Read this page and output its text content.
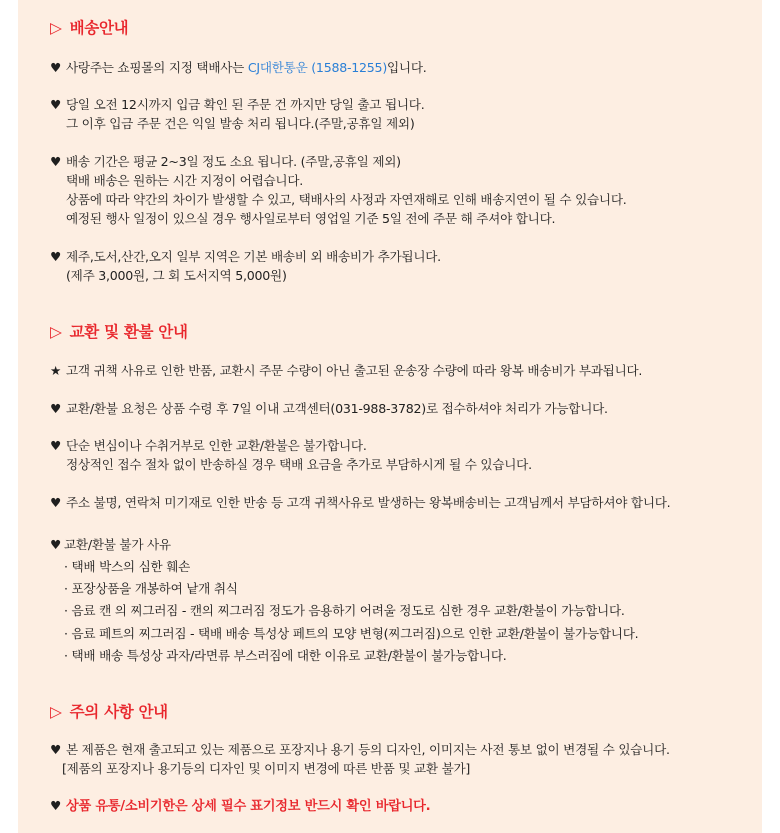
▷ 배송안내
♥ 사랑주는 쇼핑몰의 지정 택배사는 CJ대한통운 (1588-1255)입니다.
♥ 당일 오전 12시까지 입금 확인 된 주문 건 까지만 당일 출고 됩니다.
그 이후 입금 주문 건은 익일 발송 처리 됩니다.(주말,공휴일 제외)
♥ 배송 기간은 평균 2~3일 정도 소요 됩니다. (주말,공휴일 제외)
택배 배송은 원하는 시간 지정이 어렵습니다.
상품에 따라 약간의 차이가 발생할 수 있고, 택배사의 사정과 자연재해로 인해 배송지연이 될 수 있습니다.
예정된 행사 일정이 있으실 경우 행사일로부터 영업일 기준 5일 전에 주문 해 주셔야 합니다.
♥ 제주,도서,산간,오지 일부 지역은 기본 배송비 외 배송비가 추가됩니다.
(제주 3,000원, 그 회 도서지역 5,000원)
▷ 교환 및 환불 안내
★ 고객 귀책 사유로 인한 반품, 교환시 주문 수량이 아닌 출고된 운송장 수량에 따라 왕복 배송비가 부과됩니다.
♥ 교환/환불 요청은 상품 수령 후 7일 이내 고객센터(031-988-3782)로 접수하셔야 처리가 가능합니다.
♥ 단순 변심이나 수취거부로 인한 교환/환불은 불가합니다.
정상적인 접수 절차 없이 반송하실 경우 택배 요금을 추가로 부담하시게 될 수 있습니다.
♥ 주소 불명, 연락처 미기재로 인한 반송 등 고객 귀책사유로 발생하는 왕복배송비는 고객님께서 부담하셔야 합니다.
♥ 교환/환불 불가 사유
· 택배 박스의 심한 훼손
· 포장상품을 개봉하여 낱개 취식
· 음료 캔 의 찌그러짐 - 캔의 찌그러짐 정도가 음용하기 어려울 정도로 심한 경우 교환/환불이 가능합니다.
· 음료 페트의 찌그러짐 - 택배 배송 특성상 페트의 모양 변형(찌그러짐)으로 인한 교환/환불이 불가능합니다.
· 택배 배송 특성상 과자/라면류 부스러짐에 대한 이유로 교환/환불이 불가능합니다.
▷ 주의 사항 안내
♥ 본 제품은 현재 출고되고 있는 제품으로 포장지나 용기 등의 디자인, 이미지는 사전 통보 없이 변경될 수 있습니다.
[제품의 포장지나 용기등의 디자인 및 이미지 변경에 따른 반품 및 교환 불가]
♥ 상품 유통/소비기한은 상세 필수 표기정보 반드시 확인 바랍니다.
